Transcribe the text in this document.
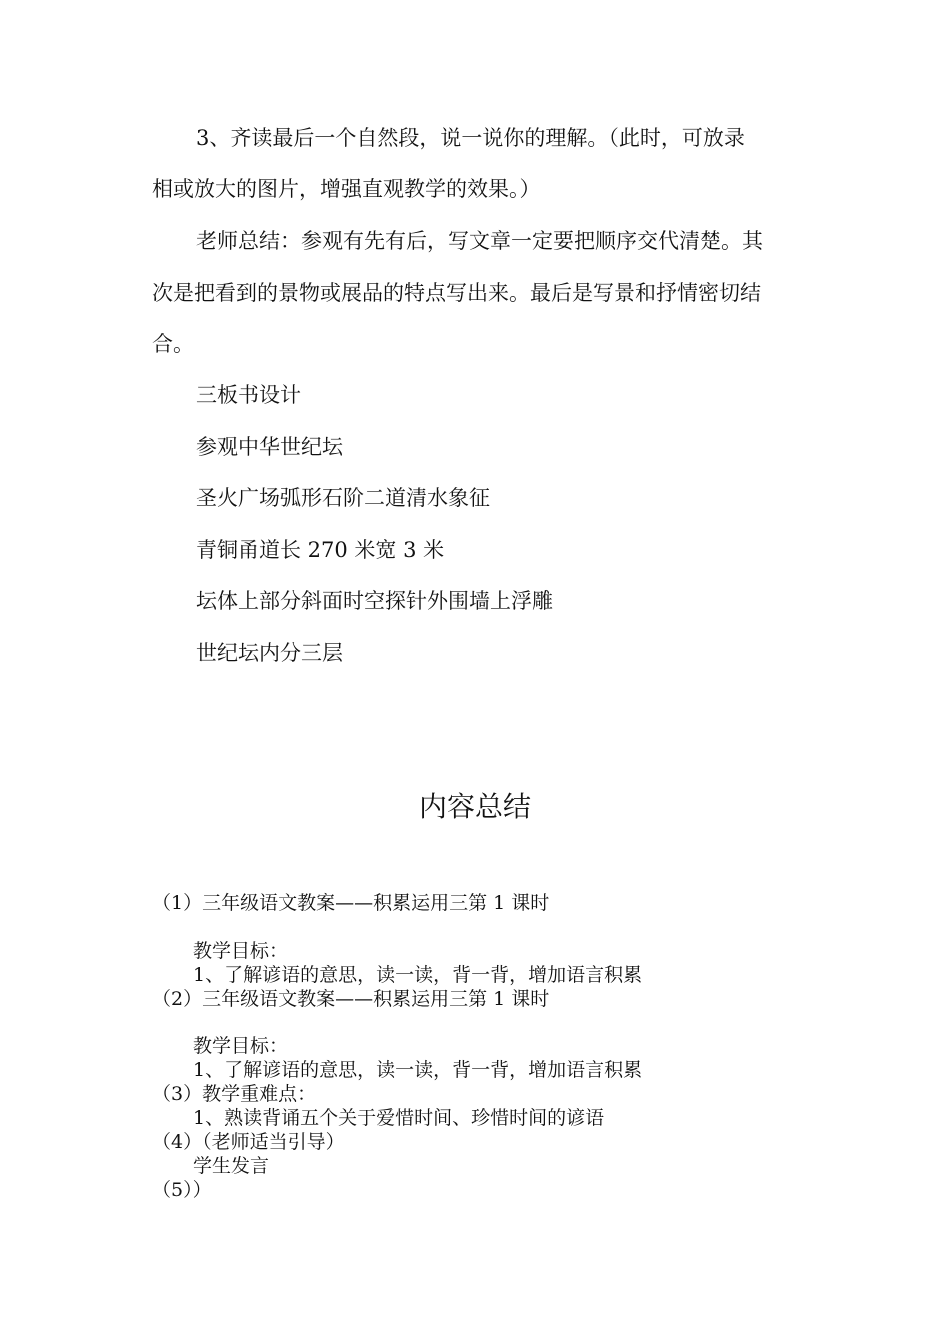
3、齐读最后一个自然段，说一说你的理解。（此时，可放录
相或放大的图片，增强直观教学的效果。）
老师总结：参观有先有后，写文章一定要把顺序交代清楚。其
次是把看到的景物或展品的特点写出来。最后是写景和抒情密切结
合。
三板书设计
参观中华世纪坛
圣火广场弧形石阶二道清水象征
青铜甬道长 270 米宽 3 米
坛体上部分斜面时空探针外围墙上浮雕
世纪坛内分三层
内容总结
（1）三年级语文教案——积累运用三第 1 课时
教学目标：
1、了解谚语的意思，读一读，背一背，增加语言积累
（2）三年级语文教案——积累运用三第 1 课时
教学目标：
1、了解谚语的意思，读一读，背一背，增加语言积累
（3）教学重难点：
1、熟读背诵五个关于爱惜时间、珍惜时间的谚语
（4）（老师适当引导）
学生发言
（5））
